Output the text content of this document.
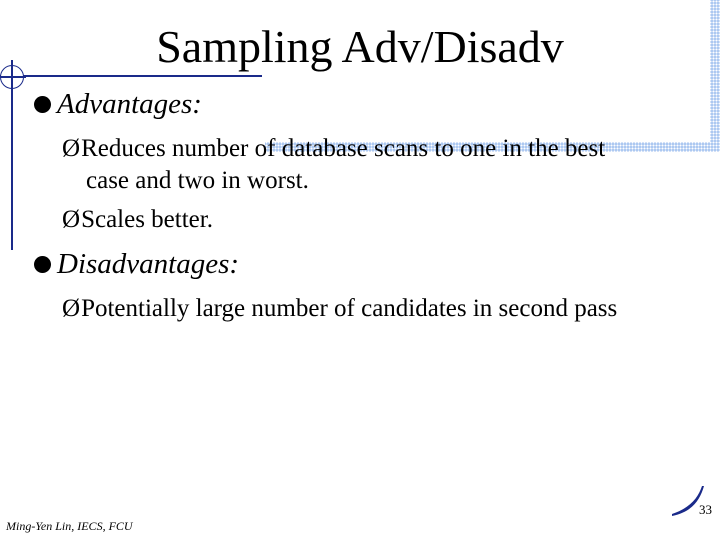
Sampling Adv/Disadv
Advantages:
ØReduces number of database scans to one in the best
case and two in worst.
ØScales better.
Disadvantages:
ØPotentially large number of candidates in second pass
33
Ming-Yen Lin, IECS, FCU
